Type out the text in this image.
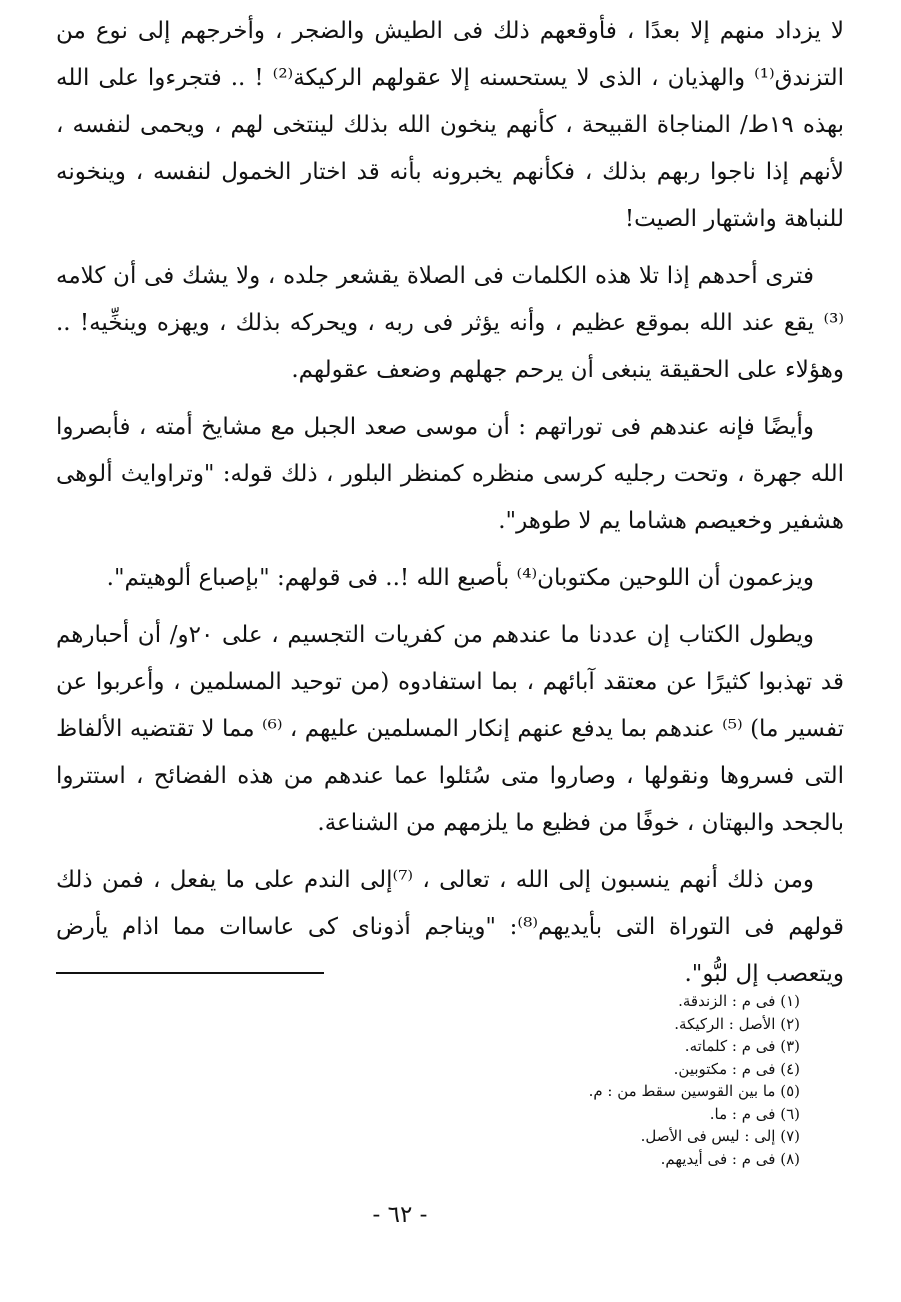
لا يزداد منهم إلا بعدًا ، فأوقعهم ذلك فى الطيش والضجر ، وأخرجهم إلى نوع من التزندق⁽¹⁾ والهذيان ، الذى لا يستحسنه إلا عقولهم الركيكة⁽²⁾ ! .. فتجرءوا على الله بهذه ١٩ط/ المناجاة القبيحة ، كأنهم ينخون الله بذلك لينتخى لهم ، ويحمى لنفسه ، لأنهم إذا ناجوا ربهم بذلك ، فكأنهم يخبرونه بأنه قد اختار الخمول لنفسه ، وينخونه للنباهة واشتهار الصيت!

فترى أحدهم إذا تلا هذه الكلمات فى الصلاة يقشعر جلده ، ولا يشك فى أن كلامه ⁽³⁾ يقع عند الله بموقع عظيم ، وأنه يؤثر فى ربه ، ويحركه بذلك ، ويهزه وينخِّيه! .. وهؤلاء على الحقيقة ينبغى أن يرحم جهلهم وضعف عقولهم.

وأيضًا فإنه عندهم فى توراتهم : أن موسى صعد الجبل مع مشايخ أمته ، فأبصروا الله جهرة ، وتحت رجليه كرسى منظره كمنظر البلور ، ذلك قوله: "وتراوايث ألوهى هشفير وخعيصم هشاما يم لا طوهر".

ويزعمون أن اللوحين مكتوبان⁽⁴⁾ بأصبع الله !.. فى قولهم: "بإصباع ألوهيتم".

ويطول الكتاب إن عددنا ما عندهم من كفريات التجسيم ، على ٢٠و/ أن أحبارهم قد تهذبوا كثيرًا عن معتقد آبائهم ، بما استفادوه (من توحيد المسلمين ، وأعربوا عن تفسير ما) ⁽⁵⁾ عندهم بما يدفع عنهم إنكار المسلمين عليهم ، ⁽⁶⁾ مما لا تقتضيه الألفاظ التى فسروها ونقولها ، وصاروا متى سُئلوا عما عندهم من هذه الفضائح ، استتروا بالجحد والبهتان ، خوفًا من فظيع ما يلزمهم من الشناعة.

ومن ذلك أنهم ينسبون إلى الله ، تعالى ، ⁽⁷⁾إلى الندم على ما يفعل ، فمن ذلك قولهم فى التوراة التى بأيديهم⁽⁸⁾: "ويناجم أذوناى كى عاساات مما اذام يأرض ويتعصب إل لبُّو".

(١) فى م : الزندقة.
(٢) الأصل : الركيكة.
(٣) فى م : كلماته.
(٤) فى م : مكتوبين.
(٥) ما بين القوسين سقط من : م.
(٦) فى م : ما.
(٧) إلى : ليس فى الأصل.
(٨) فى م : فى أيديهم.
- ٦٢ -
